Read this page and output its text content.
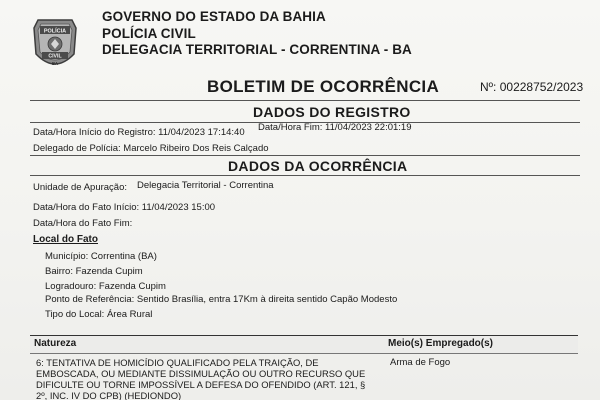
POLÍCIA
CIVIL
BA
GOVERNO DO ESTADO DA BAHIA
POLÍCIA CIVIL
DELEGACIA TERRITORIAL - CORRENTINA - BA
BOLETIM DE OCORRÊNCIA	Nº: 00228752/2023
DADOS DO REGISTRO
Data/Hora Início do Registro: 11/04/2023 17:14:40 Data/Hora Fim: 11/04/2023 22:01:19
Delegado de Polícia: Marcelo Ribeiro Dos Reis Calçado
DADOS DA OCORRÊNCIA
Unidade de Apuração: Delegacia Territorial - Correntina
Data/Hora do Fato Início: 11/04/2023 15:00
Data/Hora do Fato Fim:
Local do Fato
Município: Correntina (BA)
Bairro: Fazenda Cupim
Logradouro: Fazenda Cupim
Ponto de Referência: Sentido Brasília, entra 17Km à direita sentido Capão Modesto
Tipo do Local: Área Rural
Natureza	Meio(s) Empregado(s)
6: TENTATIVA DE HOMICÍDIO QUALIFICADO PELA TRAIÇÃO, DE
EMBOSCADA, OU MEDIANTE DISSIMULAÇÃO OU OUTRO RECURSO QUE
DIFICULTE OU TORNE IMPOSSÍVEL A DEFESA DO OFENDIDO (ART. 121, §
2º, INC. IV DO CPB) (HEDIONDO)
Arma de Fogo
